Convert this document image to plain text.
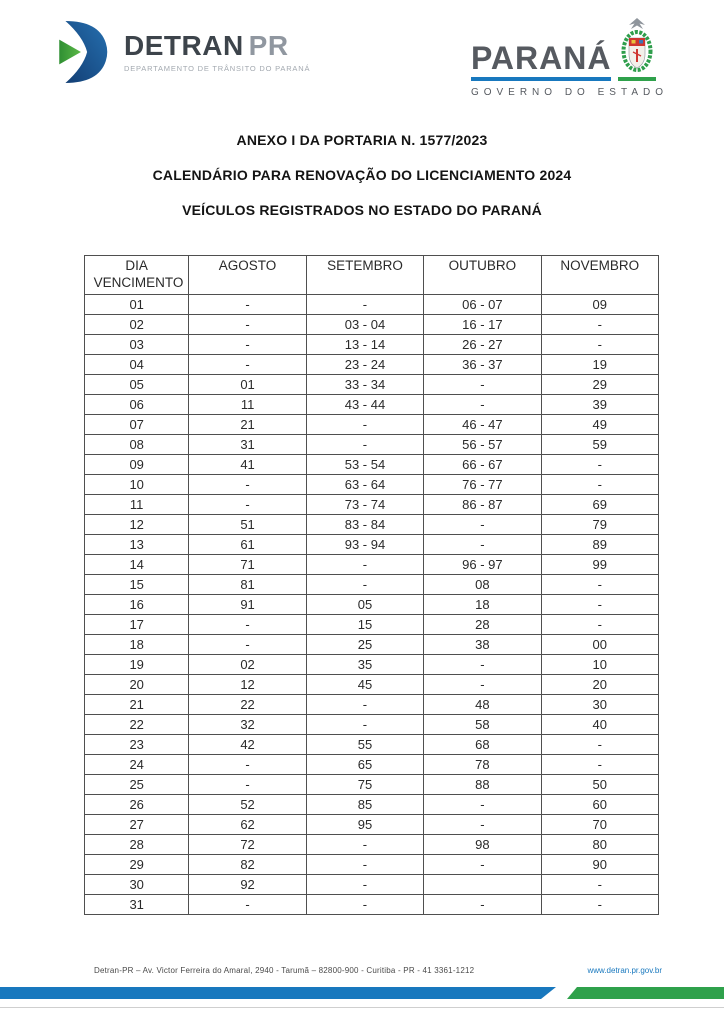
DETRAN PR
DEPARTAMENTO DE TRÂNSITO DO PARANÁ	PARANÁ
GOVERNO DO ESTADO
ANEXO I DA PORTARIA N. 1577/2023
CALENDÁRIO PARA RENOVAÇÃO DO LICENCIAMENTO 2024
VEÍCULOS REGISTRADOS NO ESTADO DO PARANÁ
DIA VENCIMENTO	AGOSTO	SETEMBRO	OUTUBRO	NOVEMBRO
01	-	-	06 - 07	09
02	-	03 - 04	16 - 17	-
03	-	13 - 14	26 - 27	-
04	-	23 - 24	36 - 37	19
05	01	33 - 34	-	29
06	11	43 - 44	-	39
07	21	-	46 - 47	49
08	31	-	56 - 57	59
09	41	53 - 54	66 - 67	-
10	-	63 - 64	76 - 77	-
11	-	73 - 74	86 - 87	69
12	51	83 - 84	-	79
13	61	93 - 94	-	89
14	71	-	96 - 97	99
15	81	-	08	-
16	91	05	18	-
17	-	15	28	-
18	-	25	38	00
19	02	35	-	10
20	12	45	-	20
21	22	-	48	30
22	32	-	58	40
23	42	55	68	-
24	-	65	78	-
25	-	75	88	50
26	52	85	-	60
27	62	95	-	70
28	72	-	98	80
29	82	-	-	90
30	92	-		-
31	-	-	-	-
Detran-PR – Av. Victor Ferreira do Amaral, 2940 - Tarumã – 82800-900 - Curitiba - PR - 41 3361-1212	www.detran.pr.gov.br
